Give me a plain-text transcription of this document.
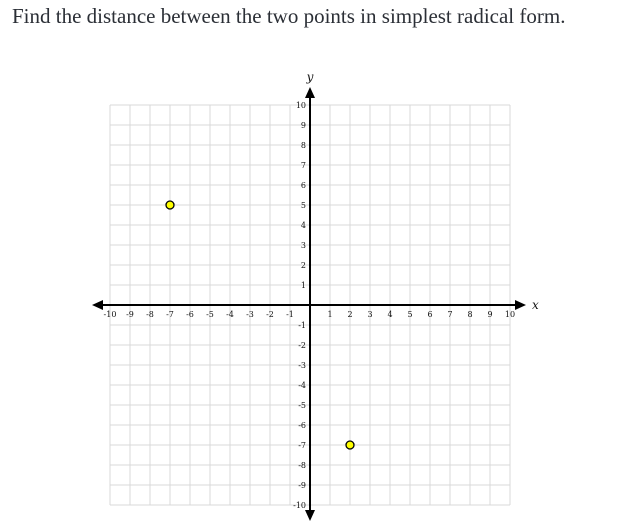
Find the distance between the two points in simplest radical form.
x
y
-10 -9 -8 -7 -6 -5 -4 -3 -2 -1	1 2 3 4 5 6 7 8 9 10
-10
-9
-8
-7
-6
-5
-4
-3
-2
-1
1
2
3
4
5
6
7
8
9
10
